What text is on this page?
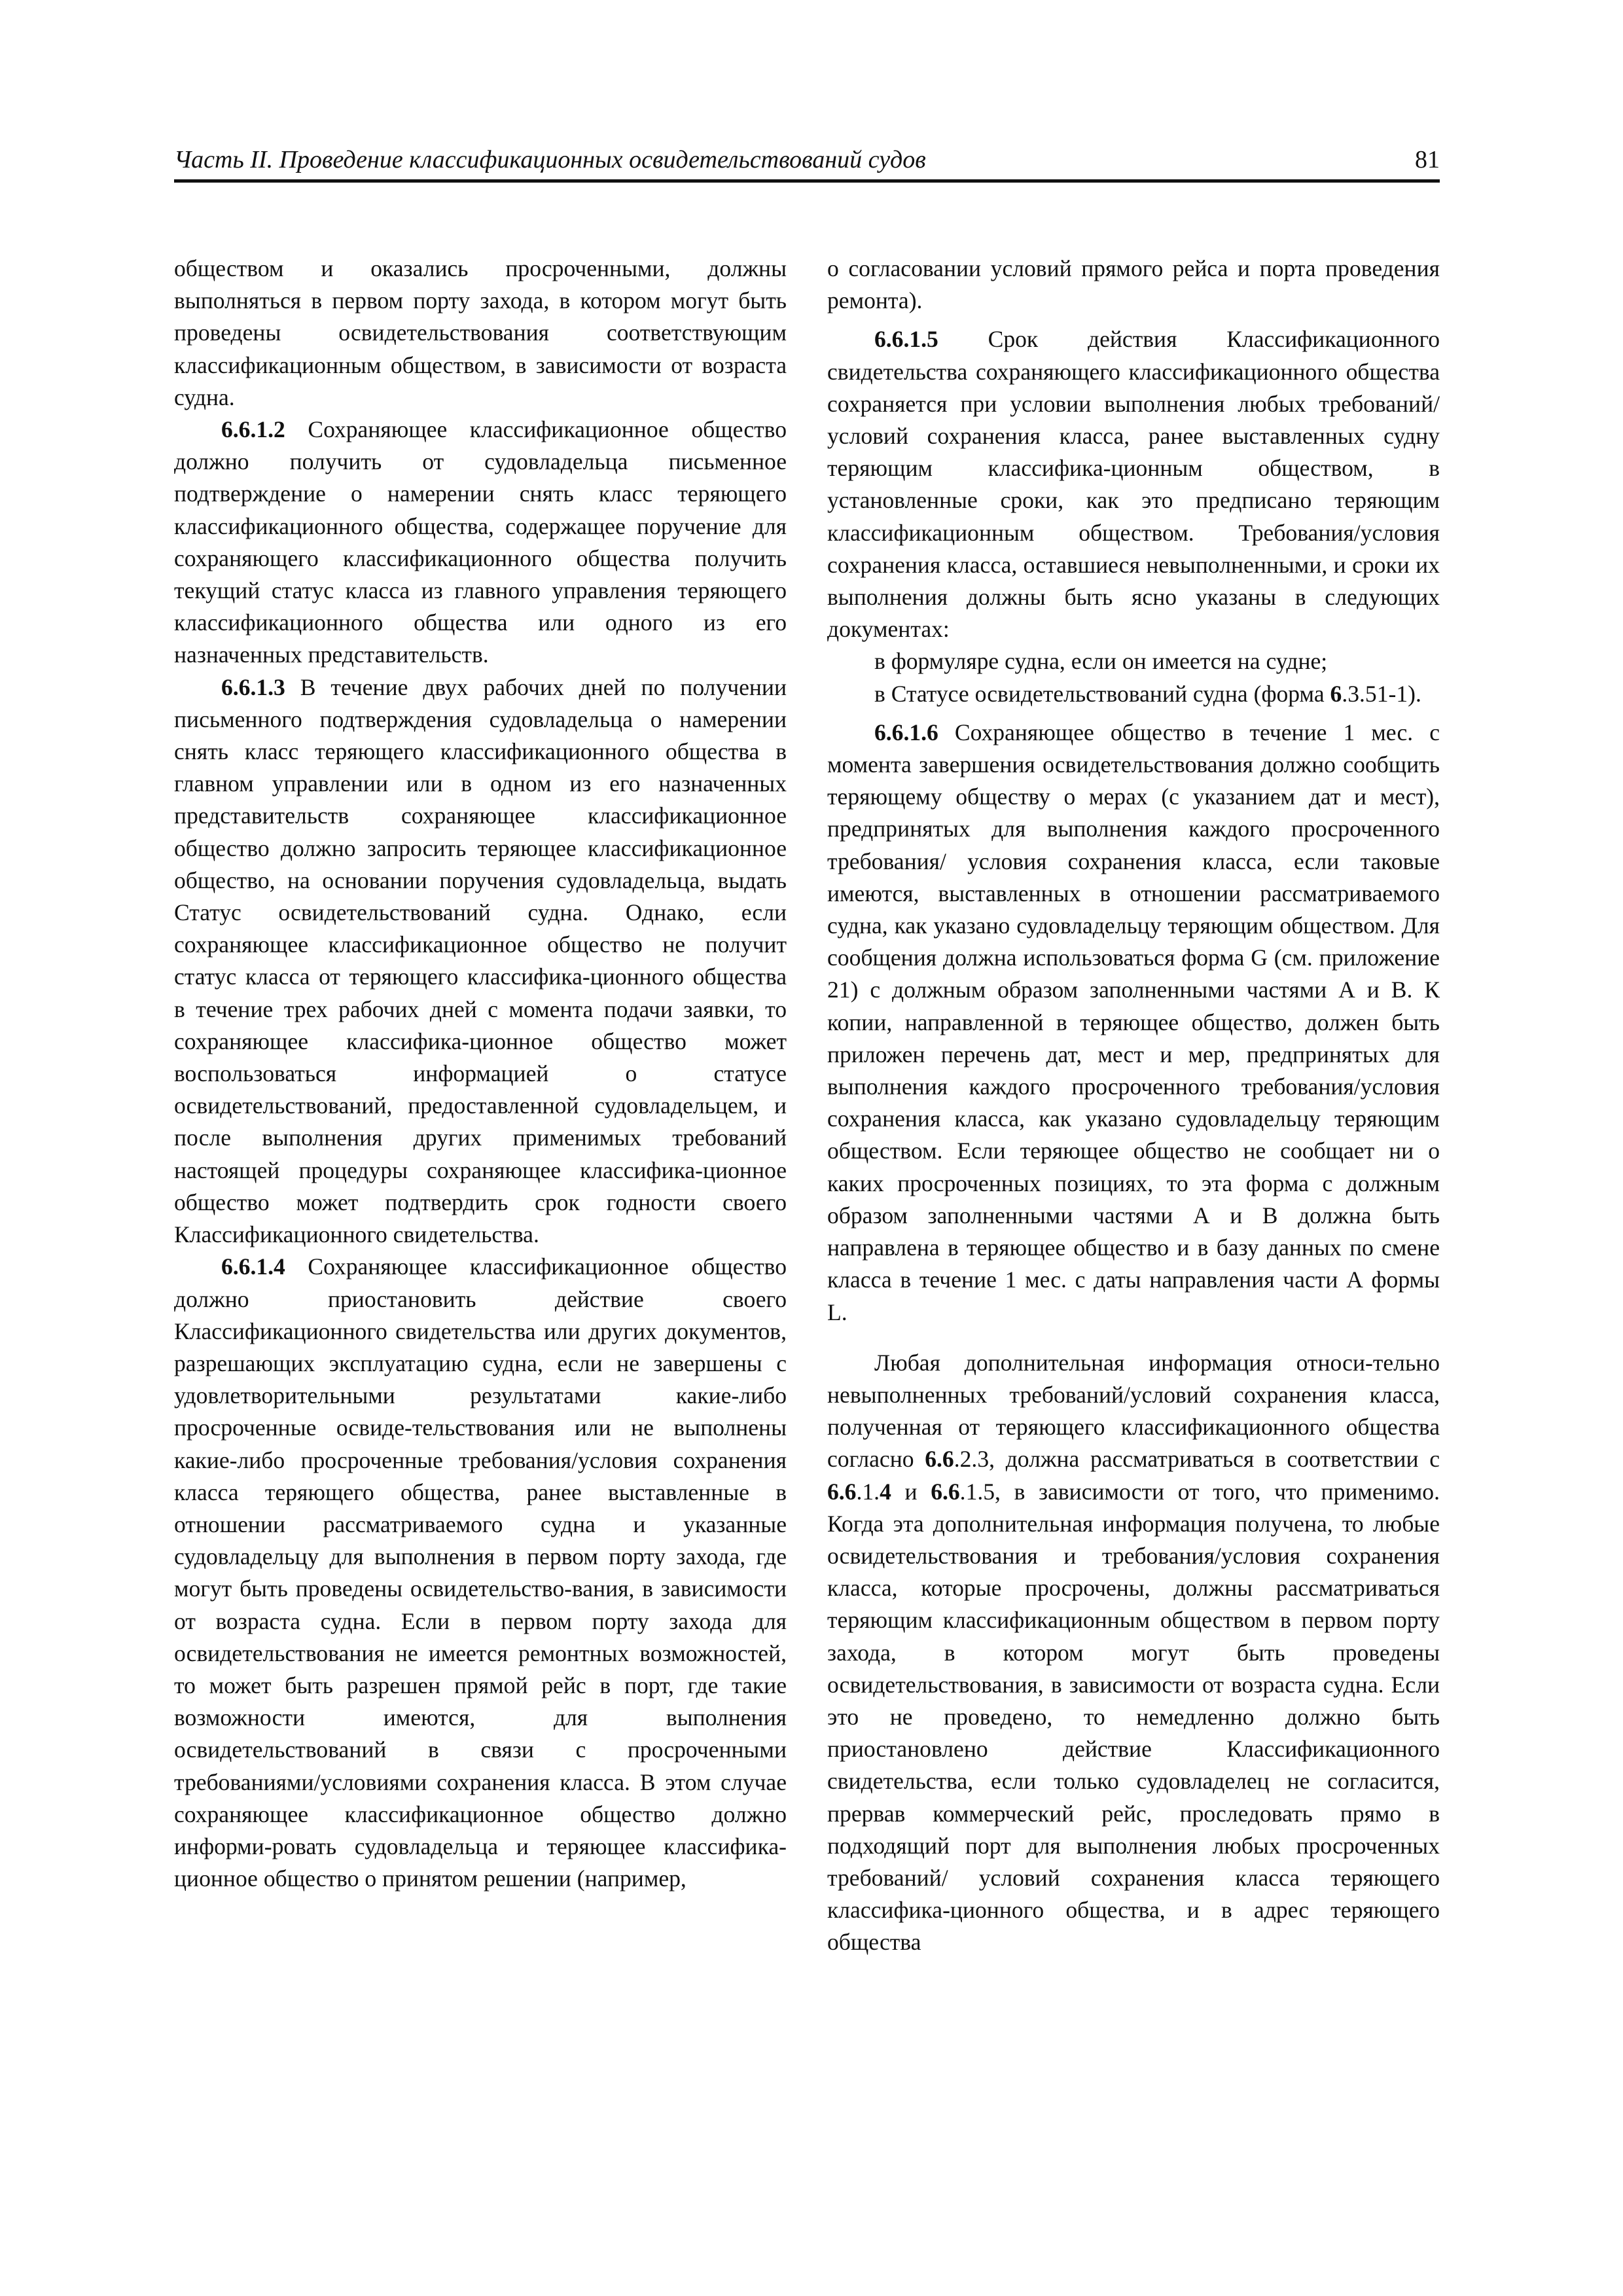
Часть II. Проведение классификационных освидетельствований судов	81

обществом и оказались просроченными, должны выполняться в первом порту захода, в котором могут быть проведены освидетельствования соответствующим классификационным обществом, в зависимости от возраста судна.

6.6.1.2 Сохраняющее классификационное общество должно получить от судовладельца письменное подтверждение о намерении снять класс теряющего классификационного общества, содержащее поручение для сохраняющего классификационного общества получить текущий статус класса из главного управления теряющего классификационного общества или одного из его назначенных представительств.

6.6.1.3 В течение двух рабочих дней по получении письменного подтверждения судовладельца о намерении снять класс теряющего классификационного общества в главном управлении или в одном из его назначенных представительств сохраняющее классификационное общество должно запросить теряющее классификационное общество, на основании поручения судовладельца, выдать Статус освидетельствований судна. Однако, если сохраняющее классификационное общество не получит статус класса от теряющего классифика-ционного общества в течение трех рабочих дней с момента подачи заявки, то сохраняющее классифика-ционное общество может воспользоваться информацией о статусе освидетельствований, предоставленной судовладельцем, и после выполнения других применимых требований настоящей процедуры сохраняющее классифика-ционное общество может подтвердить срок годности своего Классификационного свидетельства.

6.6.1.4 Сохраняющее классификационное общество должно приостановить действие своего Классификационного свидетельства или других документов, разрешающих эксплуатацию судна, если не завершены с удовлетворительными результатами какие-либо просроченные освиде-тельствования или не выполнены какие-либо просроченные требования/условия сохранения класса теряющего общества, ранее выставленные в отношении рассматриваемого судна и указанные судовладельцу для выполнения в первом порту захода, где могут быть проведены освидетельство-вания, в зависимости от возраста судна. Если в первом порту захода для освидетельствования не имеется ремонтных возможностей, то может быть разрешен прямой рейс в порт, где такие возможности имеются, для выполнения освидетельствований в связи с просроченными требованиями/условиями сохранения класса. В этом случае сохраняющее классификационное общество должно информи-ровать судовладельца и теряющее классифика-ционное общество о принятом решении (например,

о согласовании условий прямого рейса и порта проведения ремонта).

6.6.1.5 Срок действия Классификационного свидетельства сохраняющего классификационного общества сохраняется при условии выполнения любых требований/условий сохранения класса, ранее выставленных судну теряющим классифика-ционным обществом, в установленные сроки, как это предписано теряющим классификационным обществом. Требования/условия сохранения класса, оставшиеся невыполненными, и сроки их выполнения должны быть ясно указаны в следующих документах:

в формуляре судна, если он имеется на судне;

в Статусе освидетельствований судна (форма 6.3.51-1).

6.6.1.6 Сохраняющее общество в течение 1 мес. с момента завершения освидетельствования должно сообщить теряющему обществу о мерах (с указанием дат и мест), предпринятых для выполнения каждого просроченного требования/ условия сохранения класса, если таковые имеются, выставленных в отношении рассматриваемого судна, как указано судовладельцу теряющим обществом. Для сообщения должна использоваться форма G (см. приложение 21) с должным образом заполненными частями А и В. К копии, направленной в теряющее общество, должен быть приложен перечень дат, мест и мер, предпринятых для выполнения каждого просроченного требования/условия сохранения класса, как указано судовладельцу теряющим обществом. Если теряющее общество не сообщает ни о каких просроченных позициях, то эта форма с должным образом заполненными частями А и В должна быть направлена в теряющее общество и в базу данных по смене класса в течение 1 мес. с даты направления части А формы L.

Любая дополнительная информация относи-тельно невыполненных требований/условий сохранения класса, полученная от теряющего классификационного общества согласно 6.6.2.3, должна рассматриваться в соответствии с 6.6.1.4 и 6.6.1.5, в зависимости от того, что применимо. Когда эта дополнительная информация получена, то любые освидетельствования и требования/условия сохранения класса, которые просрочены, должны рассматриваться теряющим классификационным обществом в первом порту захода, в котором могут быть проведены освидетельствования, в зависимости от возраста судна. Если это не проведено, то немедленно должно быть приостановлено действие Классификационного свидетельства, если только судовладелец не согласится, прервав коммерческий рейс, проследовать прямо в подходящий порт для выполнения любых просроченных требований/ условий сохранения класса теряющего классифика-ционного общества, и в адрес теряющего общества
